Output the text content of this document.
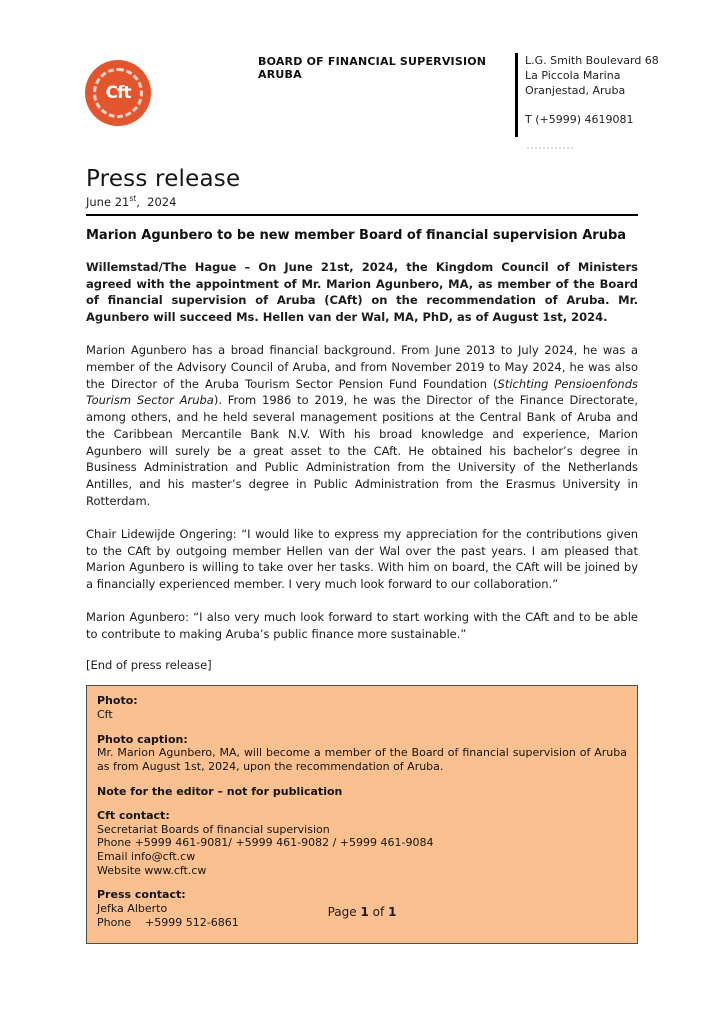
Cft
BOARD OF FINANCIAL SUPERVISION ARUBA
L.G. Smith Boulevard 68
La Piccola Marina
Oranjestad, Aruba
T (+5999) 4619081
Press release
June 21st,  2024
Marion Agunbero to be new member Board of financial supervision Aruba

Willemstad/The Hague – On June 21st, 2024, the Kingdom Council of Ministers agreed with the appointment of Mr. Marion Agunbero, MA, as member of the Board of financial supervision of Aruba (CAft) on the recommendation of Aruba. Mr. Agunbero will succeed Ms. Hellen van der Wal, MA, PhD, as of August 1st, 2024.

Marion Agunbero has a broad financial background. From June 2013 to July 2024, he was a member of the Advisory Council of Aruba, and from November 2019 to May 2024, he was also the Director of the Aruba Tourism Sector Pension Fund Foundation (Stichting Pensioenfonds Tourism Sector Aruba). From 1986 to 2019, he was the Director of the Finance Directorate, among others, and he held several management positions at the Central Bank of Aruba and the Caribbean Mercantile Bank N.V. With his broad knowledge and experience, Marion Agunbero will surely be a great asset to the CAft. He obtained his bachelor’s degree in Business Administration and Public Administration from the University of the Netherlands Antilles, and his master’s degree in Public Administration from the Erasmus University in Rotterdam.

Chair Lidewijde Ongering: “I would like to express my appreciation for the contributions given to the CAft by outgoing member Hellen van der Wal over the past years. I am pleased that Marion Agunbero is willing to take over her tasks. With him on board, the CAft will be joined by a financially experienced member. I very much look forward to our collaboration.”

Marion Agunbero: “I also very much look forward to start working with the CAft and to be able to contribute to making Aruba’s public finance more sustainable.”

[End of press release]

Photo:
Cft
Photo caption:
Mr. Marion Agunbero, MA, will become a member of the Board of financial supervision of Aruba as from August 1st, 2024, upon the recommendation of Aruba.
Note for the editor – not for publication
Cft contact:
Secretariat Boards of financial supervision
Phone +5999 461-9081/ +5999 461-9082 / +5999 461-9084
Email info@cft.cw
Website www.cft.cw
Press contact:
Jefka Alberto
Phone    +5999 512-6861
Page 1 of 1
